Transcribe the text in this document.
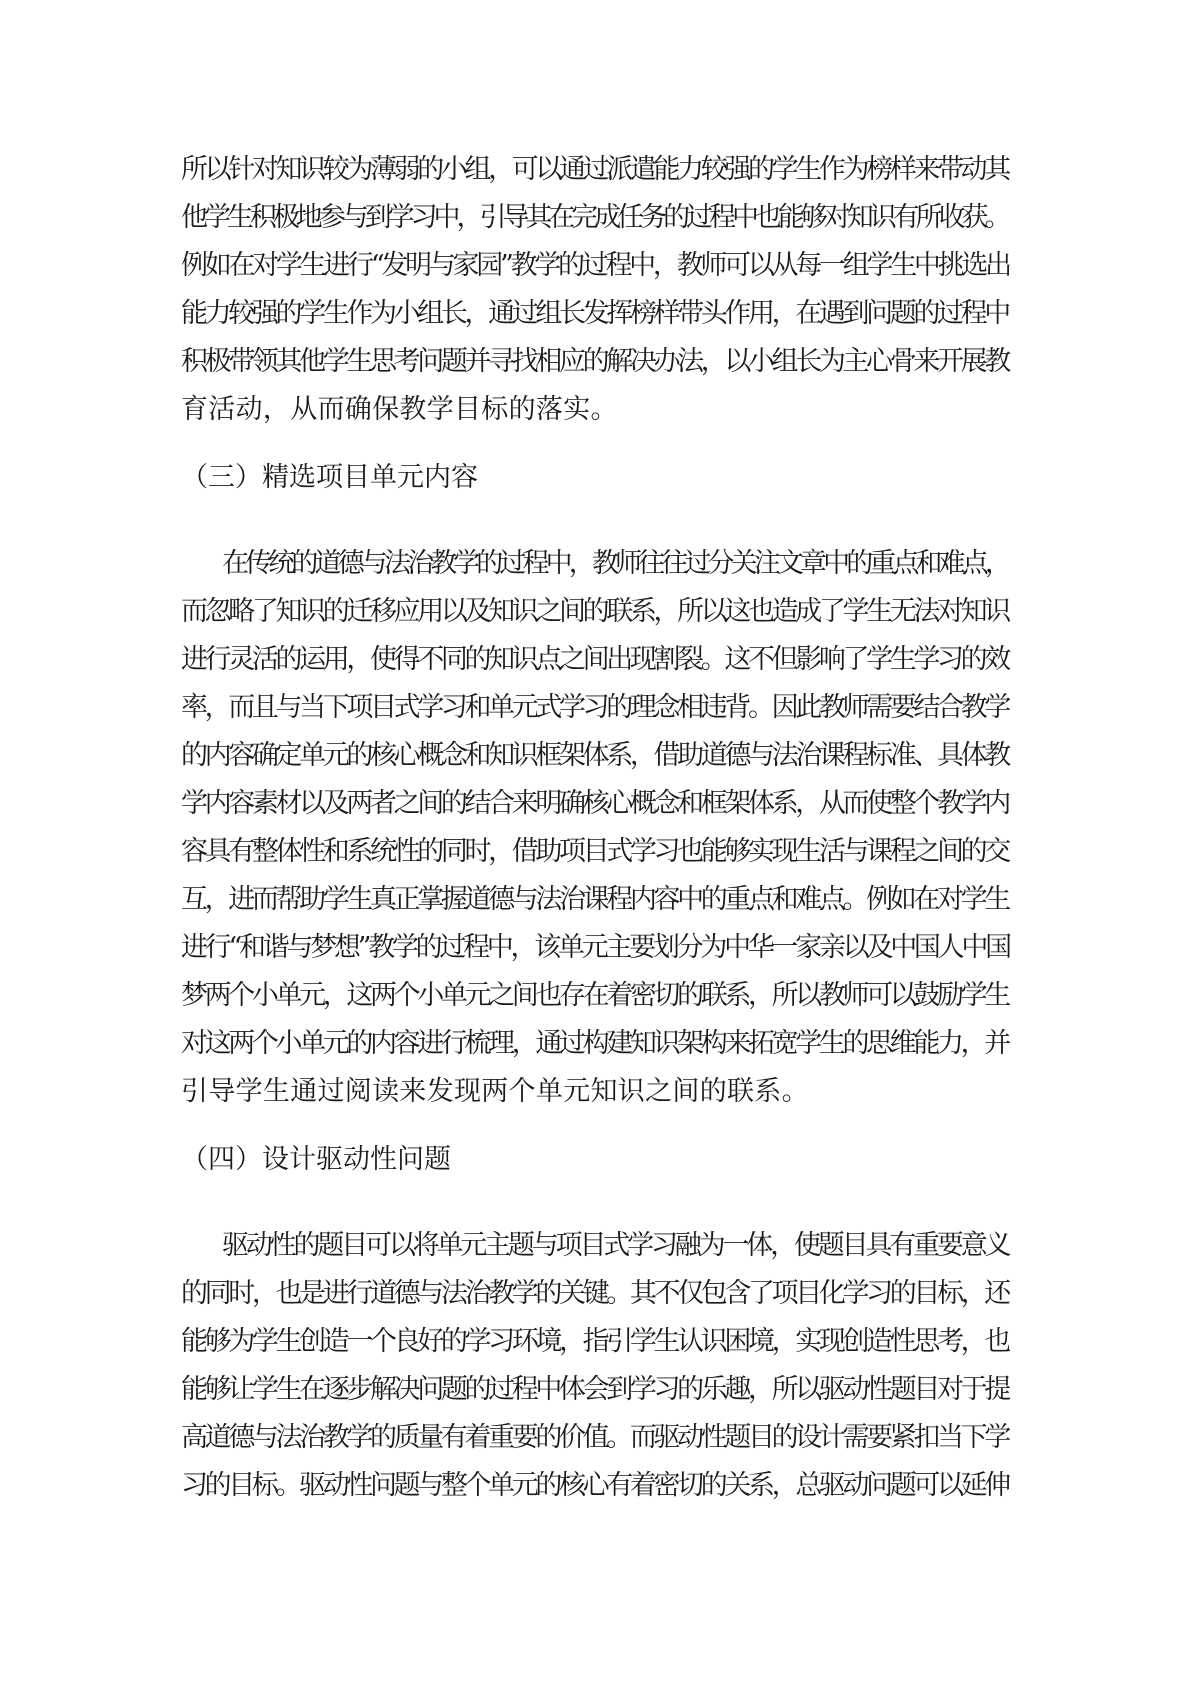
所以针对知识较为薄弱的小组，可以通过派遣能力较强的学生作为榜样来带动其
他学生积极地参与到学习中，引导其在完成任务的过程中也能够对知识有所收获。
例如在对学生进行“发明与家园”教学的过程中，教师可以从每一组学生中挑选出
能力较强的学生作为小组长，通过组长发挥榜样带头作用，在遇到问题的过程中
积极带领其他学生思考问题并寻找相应的解决办法，以小组长为主心骨来开展教
育活动，从而确保教学目标的落实。
（三）精选项目单元内容
在传统的道德与法治教学的过程中，教师往往过分关注文章中的重点和难点，
而忽略了知识的迁移应用以及知识之间的联系，所以这也造成了学生无法对知识
进行灵活的运用，使得不同的知识点之间出现割裂。这不但影响了学生学习的效
率，而且与当下项目式学习和单元式学习的理念相违背。因此教师需要结合教学
的内容确定单元的核心概念和知识框架体系，借助道德与法治课程标准、具体教
学内容素材以及两者之间的结合来明确核心概念和框架体系，从而使整个教学内
容具有整体性和系统性的同时，借助项目式学习也能够实现生活与课程之间的交
互，进而帮助学生真正掌握道德与法治课程内容中的重点和难点。例如在对学生
进行“和谐与梦想”教学的过程中，该单元主要划分为中华一家亲以及中国人中国
梦两个小单元，这两个小单元之间也存在着密切的联系，所以教师可以鼓励学生
对这两个小单元的内容进行梳理，通过构建知识架构来拓宽学生的思维能力，并
引导学生通过阅读来发现两个单元知识之间的联系。
（四）设计驱动性问题
驱动性的题目可以将单元主题与项目式学习融为一体，使题目具有重要意义
的同时，也是进行道德与法治教学的关键。其不仅包含了项目化学习的目标，还
能够为学生创造一个良好的学习环境，指引学生认识困境，实现创造性思考，也
能够让学生在逐步解决问题的过程中体会到学习的乐趣，所以驱动性题目对于提
高道德与法治教学的质量有着重要的价值。而驱动性题目的设计需要紧扣当下学
习的目标。驱动性问题与整个单元的核心有着密切的关系，总驱动问题可以延伸
